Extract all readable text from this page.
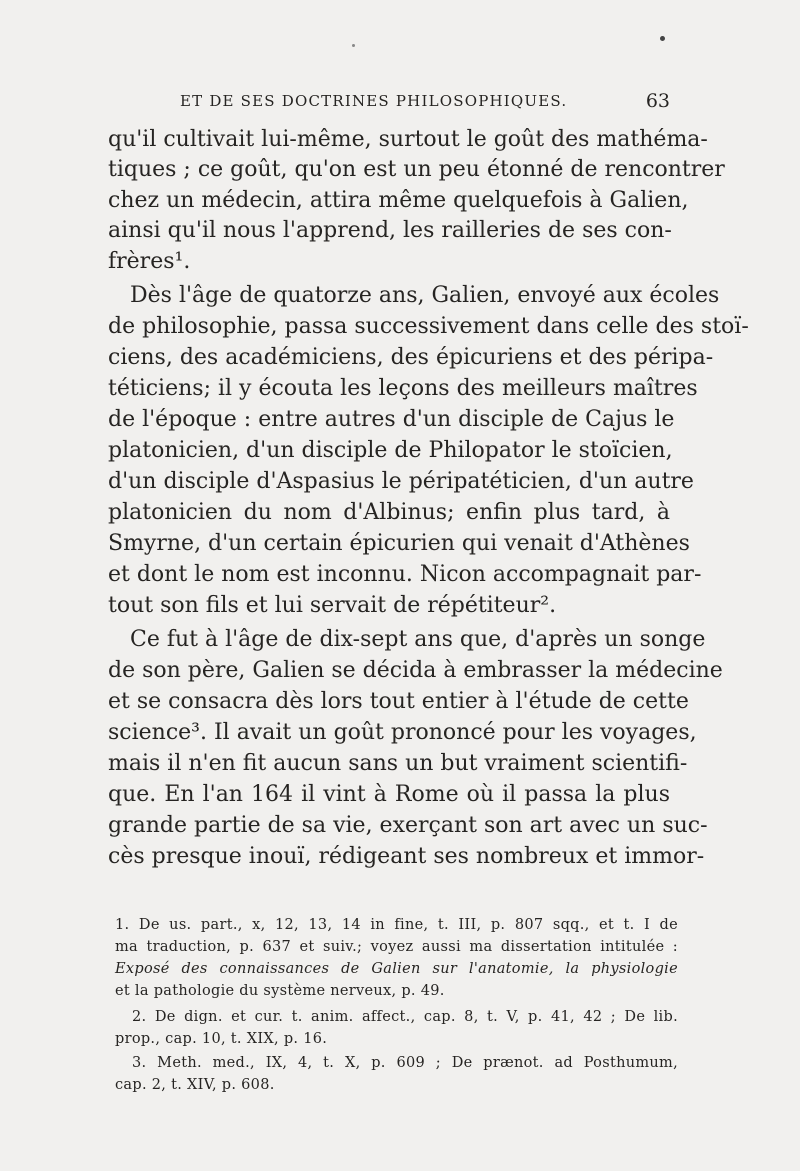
ET DE SES DOCTRINES PHILOSOPHIQUES.	63
qu'il cultivait lui-même, surtout le goût des mathéma-
tiques ; ce goût, qu'on est un peu étonné de rencontrer
chez un médecin, attira même quelquefois à Galien,
ainsi qu'il nous l'apprend, les railleries de ses con-
frères¹.
Dès l'âge de quatorze ans, Galien, envoyé aux écoles
de philosophie, passa successivement dans celle des stoï-
ciens, des académiciens, des épicuriens et des péripa-
téticiens; il y écouta les leçons des meilleurs maîtres
de l'époque : entre autres d'un disciple de Cajus le
platonicien, d'un disciple de Philopator le stoïcien,
d'un disciple d'Aspasius le péripatéticien, d'un autre
platonicien du nom d'Albinus; enfin plus tard, à
Smyrne, d'un certain épicurien qui venait d'Athènes
et dont le nom est inconnu. Nicon accompagnait par-
tout son fils et lui servait de répétiteur².
Ce fut à l'âge de dix-sept ans que, d'après un songe
de son père, Galien se décida à embrasser la médecine
et se consacra dès lors tout entier à l'étude de cette
science³. Il avait un goût prononcé pour les voyages,
mais il n'en fit aucun sans un but vraiment scientifi-
que. En l'an 164 il vint à Rome où il passa la plus
grande partie de sa vie, exerçant son art avec un suc-
cès presque inouï, rédigeant ses nombreux et immor-
1. De us. part., x, 12, 13, 14 in fine, t. III, p. 807 sqq., et t. I de
ma traduction, p. 637 et suiv.; voyez aussi ma dissertation intitulée :
Exposé des connaissances de Galien sur l'anatomie, la physiologie
et la pathologie du système nerveux, p. 49.
2. De dign. et cur. t. anim. affect., cap. 8, t. V, p. 41, 42 ; De lib.
prop., cap. 10, t. XIX, p. 16.
3. Meth. med., IX, 4, t. X, p. 609 ; De prænot. ad Posthumum,
cap. 2, t. XIV, p. 608.
